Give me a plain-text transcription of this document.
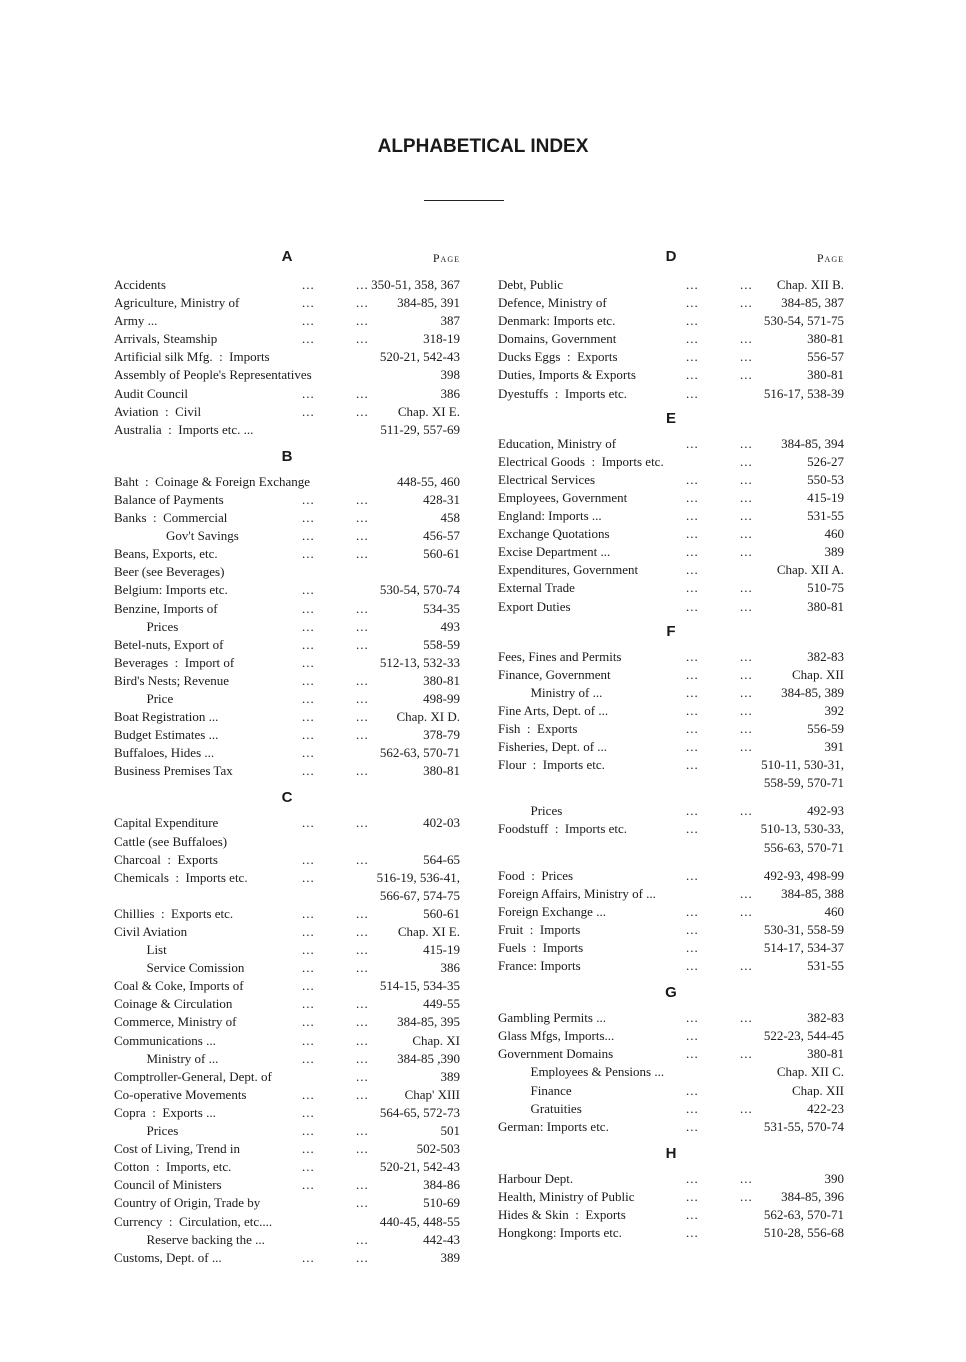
ALPHABETICAL INDEX
A	Page
Accidents	...	... 350-51, 358, 367
Agriculture, Ministry of	...	... 384-85, 391
Army ...	...	...	387
Arrivals, Steamship	...	...	318-19
Artificial silk Mfg.  :  Imports	520-21, 542-43
Assembly of People's Representatives	398
Audit Council	...	...	386
Aviation  :  Civil	...	... Chap. XI E.
Australia  :  Imports etc. ...	511-29, 557-69
B
Baht  :  Coinage & Foreign Exchange	448-55, 460
Balance of Payments	...	...	428-31
Banks  :  Commercial	...	...	458
Gov't Savings	...	...	456-57
Beans, Exports, etc.	...	...	560-61
Beer (see Beverages)
Belgium: Imports etc.	...	530-54, 570-74
Benzine, Imports of	...	...	534-35
Prices	...	...	493
Betel-nuts, Export of	...	...	558-59
Beverages  :  Import of	...	512-13, 532-33
Bird's Nests; Revenue	...	...	380-81
Price	...	...	498-99
Boat Registration ...	...	... Chap. XI D.
Budget Estimates ...	...	...	378-79
Buffaloes, Hides ...	...	562-63, 570-71
Business Premises Tax	...	...	380-81
C
Capital Expenditure	...	...	402-03
Cattle (see Buffaloes)
Charcoal  :  Exports	...	...	564-65
Chemicals  :  Imports etc.	...	516-19, 536-41,
566-67, 574-75
Chillies  :  Exports etc.	...	...	560-61
Civil Aviation	...	... Chap. XI E.
List	...	...	415-19
Service Comission	...	...	386
Coal & Coke, Imports of	...	514-15, 534-35
Coinage & Circulation	...	...	449-55
Commerce, Ministry of	...	... 384-85, 395
Communications ...	...	...	Chap. XI
Ministry of ...	...	... 384-85 ,390
Comptroller-General, Dept. of	...	389
Co-operative Movements	...	...	Chap' XIII
Copra  :  Exports ...	...	564-65, 572-73
Prices	...	...	501
Cost of Living, Trend in	...	...	502-503
Cotton  :  Imports, etc.	...	520-21, 542-43
Council of Ministers	...	...	384-86
Country of Origin, Trade by	...	510-69
Currency  :  Circulation, etc....	440-45, 448-55
Reserve backing the ...	...	442-43
Customs, Dept. of ...	...	...	389
D	Page
Debt, Public	...	... Chap. XII B.
Defence, Ministry of	...	... 384-85, 387
Denmark: Imports etc.	...	530-54, 571-75
Domains, Government	...	...	380-81
Ducks Eggs  :  Exports	...	...	556-57
Duties, Imports & Exports	...	...	380-81
Dyestuffs  :  Imports etc.	...	516-17, 538-39
E
Education, Ministry of	...	... 384-85, 394
Electrical Goods  :  Imports etc.	...	526-27
Electrical Services	...	...	550-53
Employees, Government	...	...	415-19
England: Imports ...	...	...	531-55
Exchange Quotations	...	...	460
Excise Department ...	...	...	389
Expenditures, Government	...	Chap. XII A.
External Trade	...	...	510-75
Export Duties	...	...	380-81
F
Fees, Fines and Permits	...	...	382-83
Finance, Government	...	...	Chap. XII
Ministry of ...	...	... 384-85, 389
Fine Arts, Dept. of ...	...	...	392
Fish  :  Exports	...	...	556-59
Fisheries, Dept. of ...	...	...	391
Flour  :  Imports etc.	...	510-11, 530-31,
558-59, 570-71
Prices	...	...	492-93
Foodstuff  :  Imports etc.	...	510-13, 530-33,
556-63, 570-71
Food  :  Prices	...	492-93, 498-99
Foreign Affairs, Ministry of ...	... 384-85, 388
Foreign Exchange ...	...	...	460
Fruit  :  Imports	...	530-31, 558-59
Fuels  :  Imports	...	514-17, 534-37
France: Imports	...	...	531-55
G
Gambling Permits ...	...	...	382-83
Glass Mfgs, Imports...	...	522-23, 544-45
Government Domains	...	...	380-81
Employees & Pensions ...	Chap. XII C.
Finance	...	Chap. XII
Gratuities	...	...	422-23
German: Imports etc.	...	531-55, 570-74
H
Harbour Dept.	...	...	390
Health, Ministry of Public	...	... 384-85, 396
Hides & Skin  :  Exports	...	562-63, 570-71
Hongkong: Imports etc.	...	510-28, 556-68
